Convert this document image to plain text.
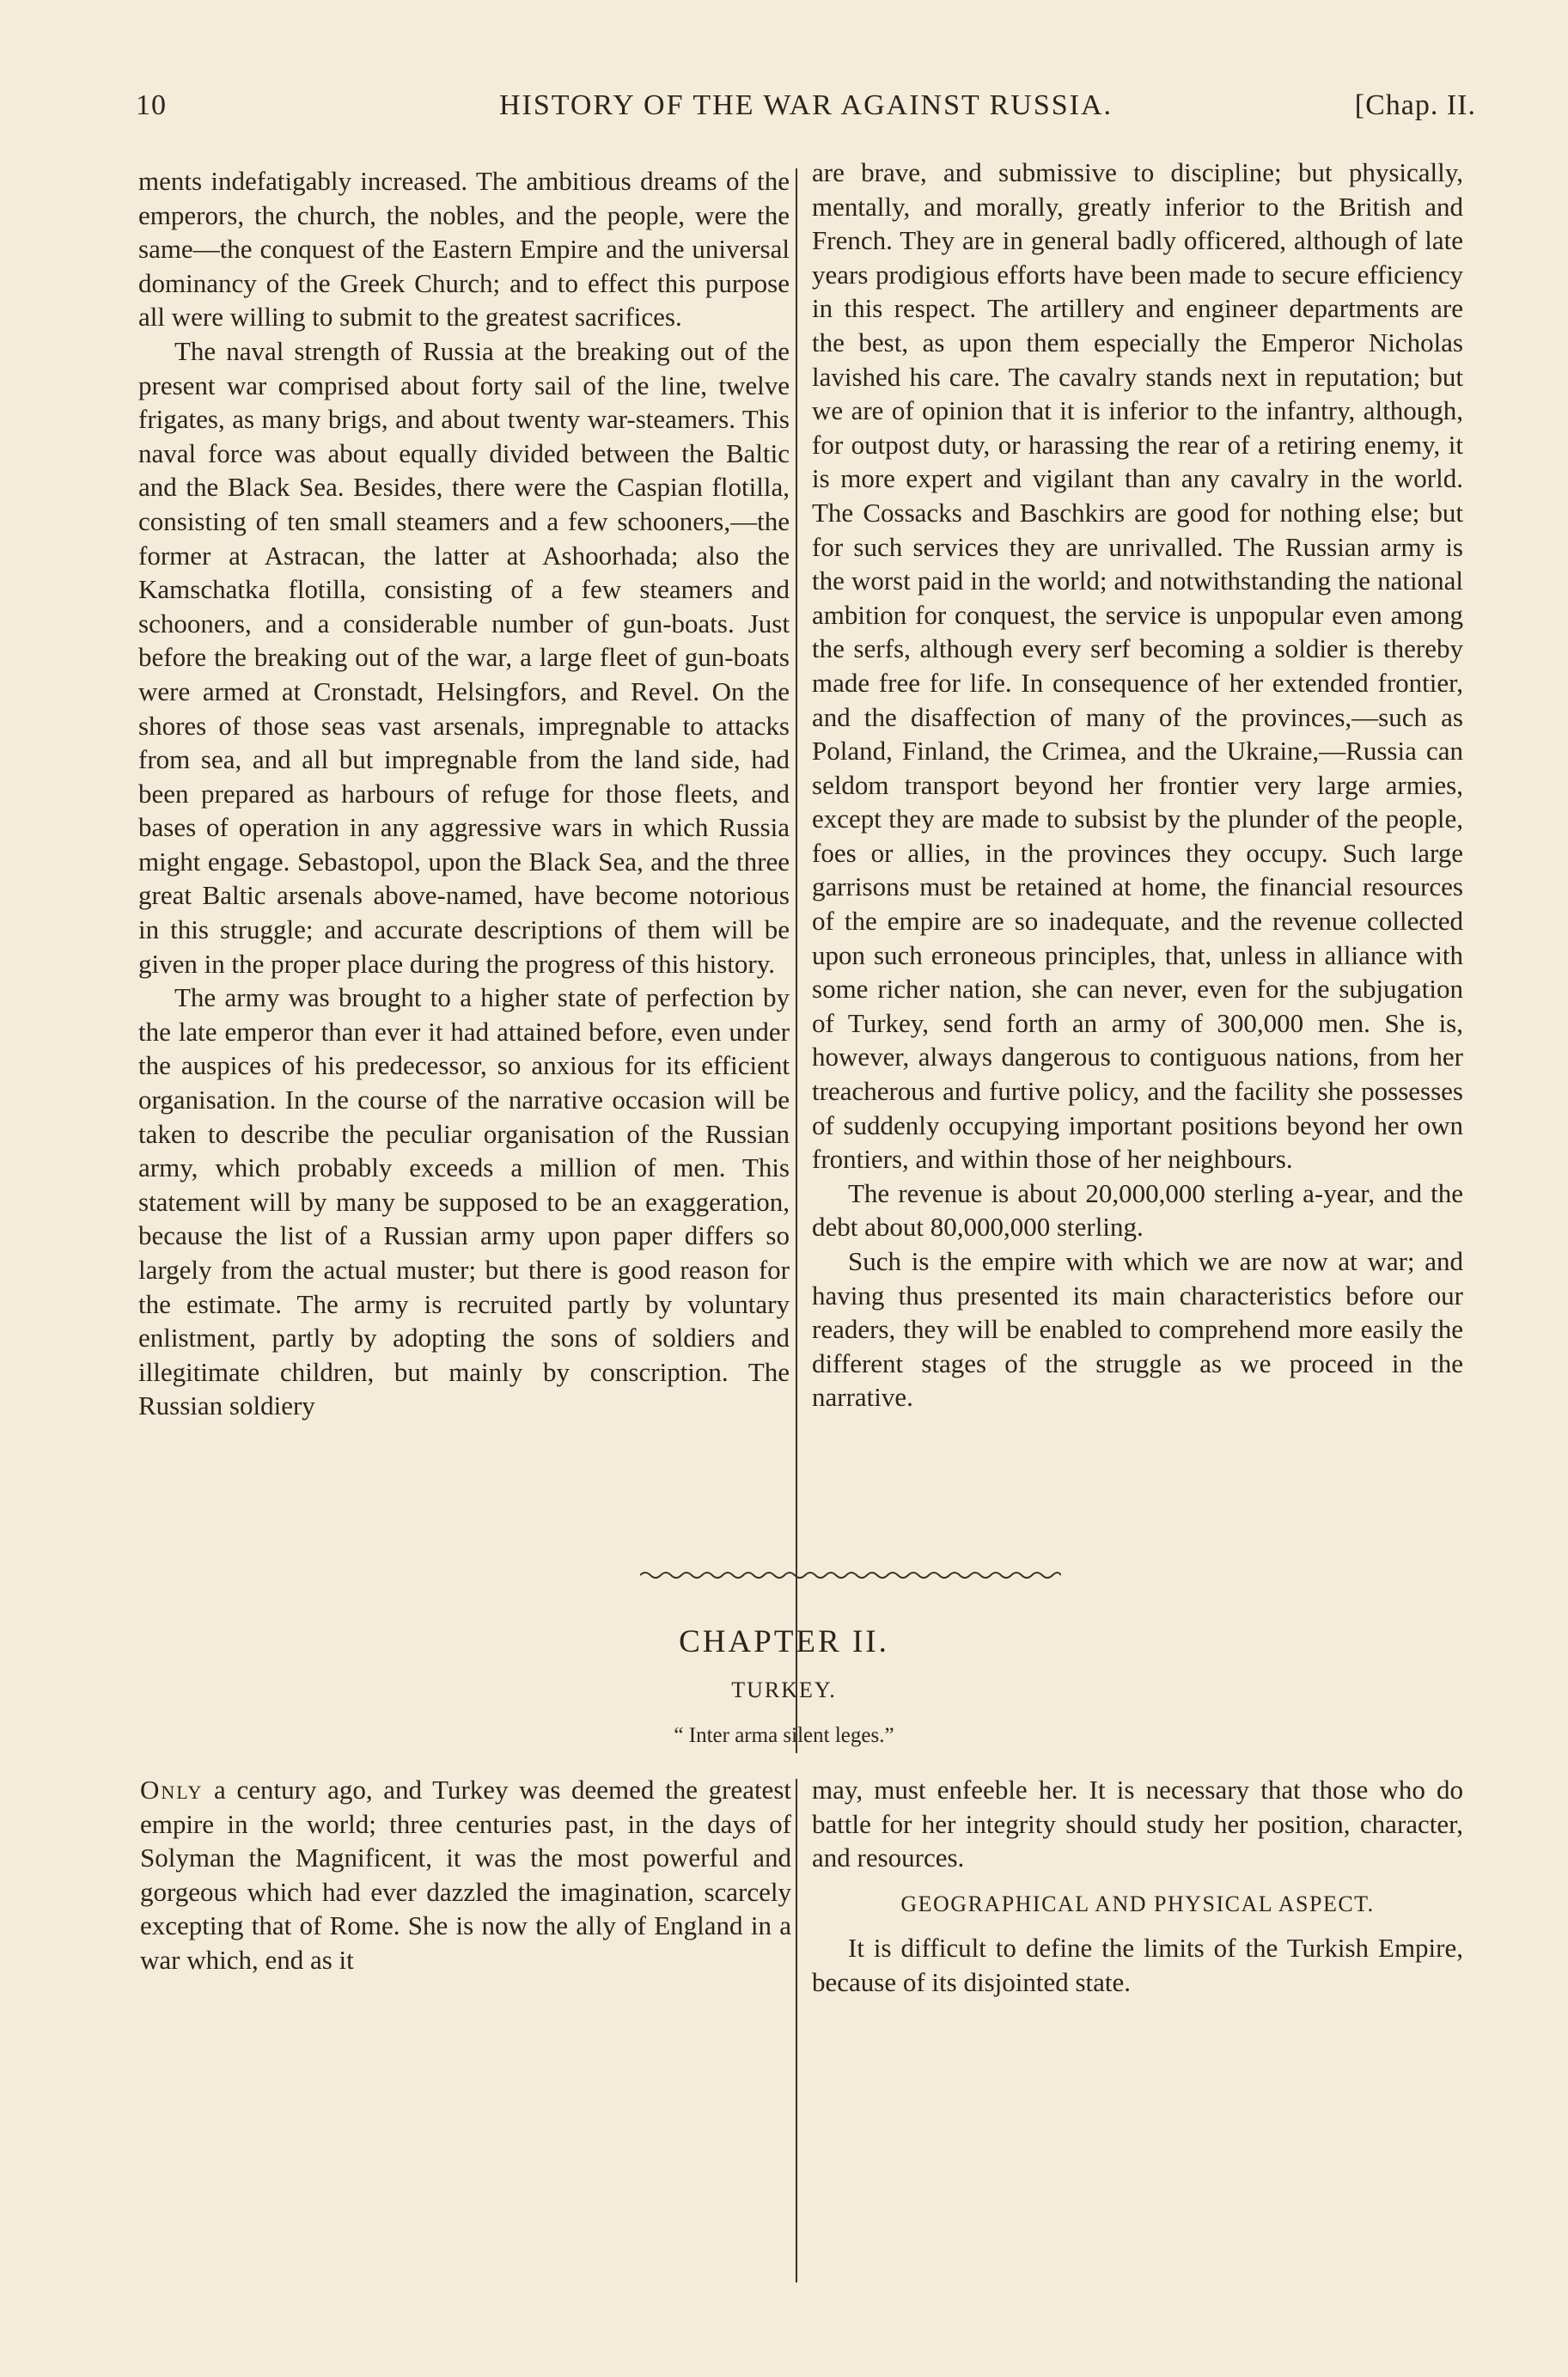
10	HISTORY OF THE WAR AGAINST RUSSIA.	[Chap. II.

ments indefatigably increased. The ambitious dreams of the emperors, the church, the nobles, and the people, were the same—the conquest of the Eastern Empire and the universal dominancy of the Greek Church; and to effect this purpose all were willing to submit to the greatest sacrifices.

The naval strength of Russia at the breaking out of the present war comprised about forty sail of the line, twelve frigates, as many brigs, and about twenty war-steamers. This naval force was about equally divided between the Baltic and the Black Sea. Besides, there were the Caspian flotilla, consisting of ten small steamers and a few schooners,—the former at Astracan, the latter at Ashoorhada; also the Kamschatka flotilla, consisting of a few steamers and schooners, and a considerable number of gun-boats. Just before the breaking out of the war, a large fleet of gun-boats were armed at Cronstadt, Helsingfors, and Revel. On the shores of those seas vast arsenals, impregnable to attacks from sea, and all but impregnable from the land side, had been prepared as harbours of refuge for those fleets, and bases of operation in any aggressive wars in which Russia might engage. Sebastopol, upon the Black Sea, and the three great Baltic arsenals above-named, have become notorious in this struggle; and accurate descriptions of them will be given in the proper place during the progress of this history.

The army was brought to a higher state of perfection by the late emperor than ever it had attained before, even under the auspices of his predecessor, so anxious for its efficient organisation. In the course of the narrative occasion will be taken to describe the peculiar organisation of the Russian army, which probably exceeds a million of men. This statement will by many be supposed to be an exaggeration, because the list of a Russian army upon paper differs so largely from the actual muster; but there is good reason for the estimate. The army is recruited partly by voluntary enlistment, partly by adopting the sons of soldiers and illegitimate children, but mainly by conscription. The Russian soldiery

are brave, and submissive to discipline; but physically, mentally, and morally, greatly inferior to the British and French. They are in general badly officered, although of late years prodigious efforts have been made to secure efficiency in this respect. The artillery and engineer departments are the best, as upon them especially the Emperor Nicholas lavished his care. The cavalry stands next in reputation; but we are of opinion that it is inferior to the infantry, although, for outpost duty, or harassing the rear of a retiring enemy, it is more expert and vigilant than any cavalry in the world. The Cossacks and Baschkirs are good for nothing else; but for such services they are unrivalled. The Russian army is the worst paid in the world; and notwithstanding the national ambition for conquest, the service is unpopular even among the serfs, although every serf becoming a soldier is thereby made free for life. In consequence of her extended frontier, and the disaffection of many of the provinces,—such as Poland, Finland, the Crimea, and the Ukraine,—Russia can seldom transport beyond her frontier very large armies, except they are made to subsist by the plunder of the people, foes or allies, in the provinces they occupy. Such large garrisons must be retained at home, the financial resources of the empire are so inadequate, and the revenue collected upon such erroneous principles, that, unless in alliance with some richer nation, she can never, even for the subjugation of Turkey, send forth an army of 300,000 men. She is, however, always dangerous to contiguous nations, from her treacherous and furtive policy, and the facility she possesses of suddenly occupying important positions beyond her own frontiers, and within those of her neighbours.

The revenue is about 20,000,000 sterling a-year, and the debt about 80,000,000 sterling.

Such is the empire with which we are now at war; and having thus presented its main characteristics before our readers, they will be enabled to comprehend more easily the different stages of the struggle as we proceed in the narrative.

CHAPTER II.
TURKEY.
“ Inter arma silent leges.”

Only a century ago, and Turkey was deemed the greatest empire in the world; three centuries past, in the days of Solyman the Magnificent, it was the most powerful and gorgeous which had ever dazzled the imagination, scarcely excepting that of Rome. She is now the ally of England in a war which, end as it

may, must enfeeble her. It is necessary that those who do battle for her integrity should study her position, character, and resources.

GEOGRAPHICAL AND PHYSICAL ASPECT.

It is difficult to define the limits of the Turkish Empire, because of its disjointed state.
